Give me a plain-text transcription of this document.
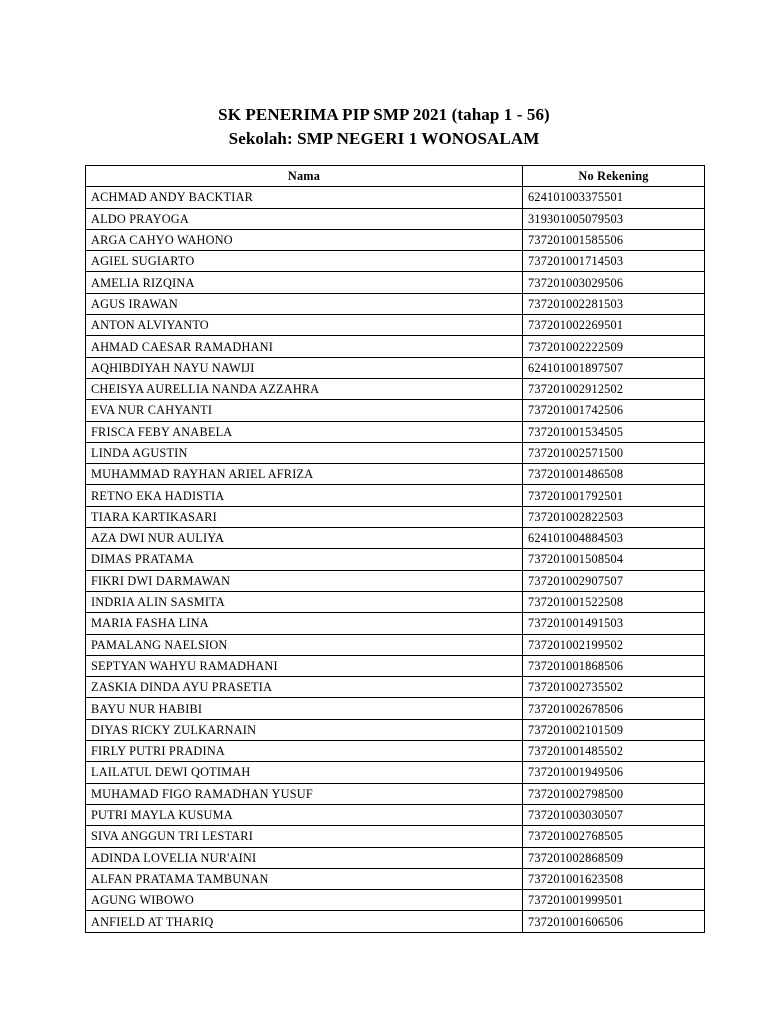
SK PENERIMA PIP SMP 2021 (tahap 1 - 56)

Sekolah: SMP NEGERI 1 WONOSALAM

Nama	No Rekening
ACHMAD ANDY BACKTIAR	624101003375501
ALDO PRAYOGA	319301005079503
ARGA CAHYO WAHONO	737201001585506
AGIEL SUGIARTO	737201001714503
AMELIA RIZQINA	737201003029506
AGUS IRAWAN	737201002281503
ANTON ALVIYANTO	737201002269501
AHMAD CAESAR RAMADHANI	737201002222509
AQHIBDIYAH NAYU NAWIJI	624101001897507
CHEISYA AURELLIA NANDA AZZAHRA	737201002912502
EVA NUR CAHYANTI	737201001742506
FRISCA FEBY ANABELA	737201001534505
LINDA AGUSTIN	737201002571500
MUHAMMAD RAYHAN ARIEL AFRIZA	737201001486508
RETNO EKA HADISTIA	737201001792501
TIARA KARTIKASARI	737201002822503
AZA DWI NUR AULIYA	624101004884503
DIMAS PRATAMA	737201001508504
FIKRI DWI DARMAWAN	737201002907507
INDRIA ALIN SASMITA	737201001522508
MARIA FASHA LINA	737201001491503
PAMALANG NAELSION	737201002199502
SEPTYAN WAHYU RAMADHANI	737201001868506
ZASKIA DINDA AYU PRASETIA	737201002735502
BAYU NUR HABIBI	737201002678506
DIYAS RICKY ZULKARNAIN	737201002101509
FIRLY PUTRI PRADINA	737201001485502
LAILATUL DEWI QOTIMAH	737201001949506
MUHAMAD FIGO RAMADHAN YUSUF	737201002798500
PUTRI MAYLA KUSUMA	737201003030507
SIVA ANGGUN TRI LESTARI	737201002768505
ADINDA LOVELIA NUR'AINI	737201002868509
ALFAN PRATAMA TAMBUNAN	737201001623508
AGUNG WIBOWO	737201001999501
ANFIELD AT THARIQ	737201001606506
